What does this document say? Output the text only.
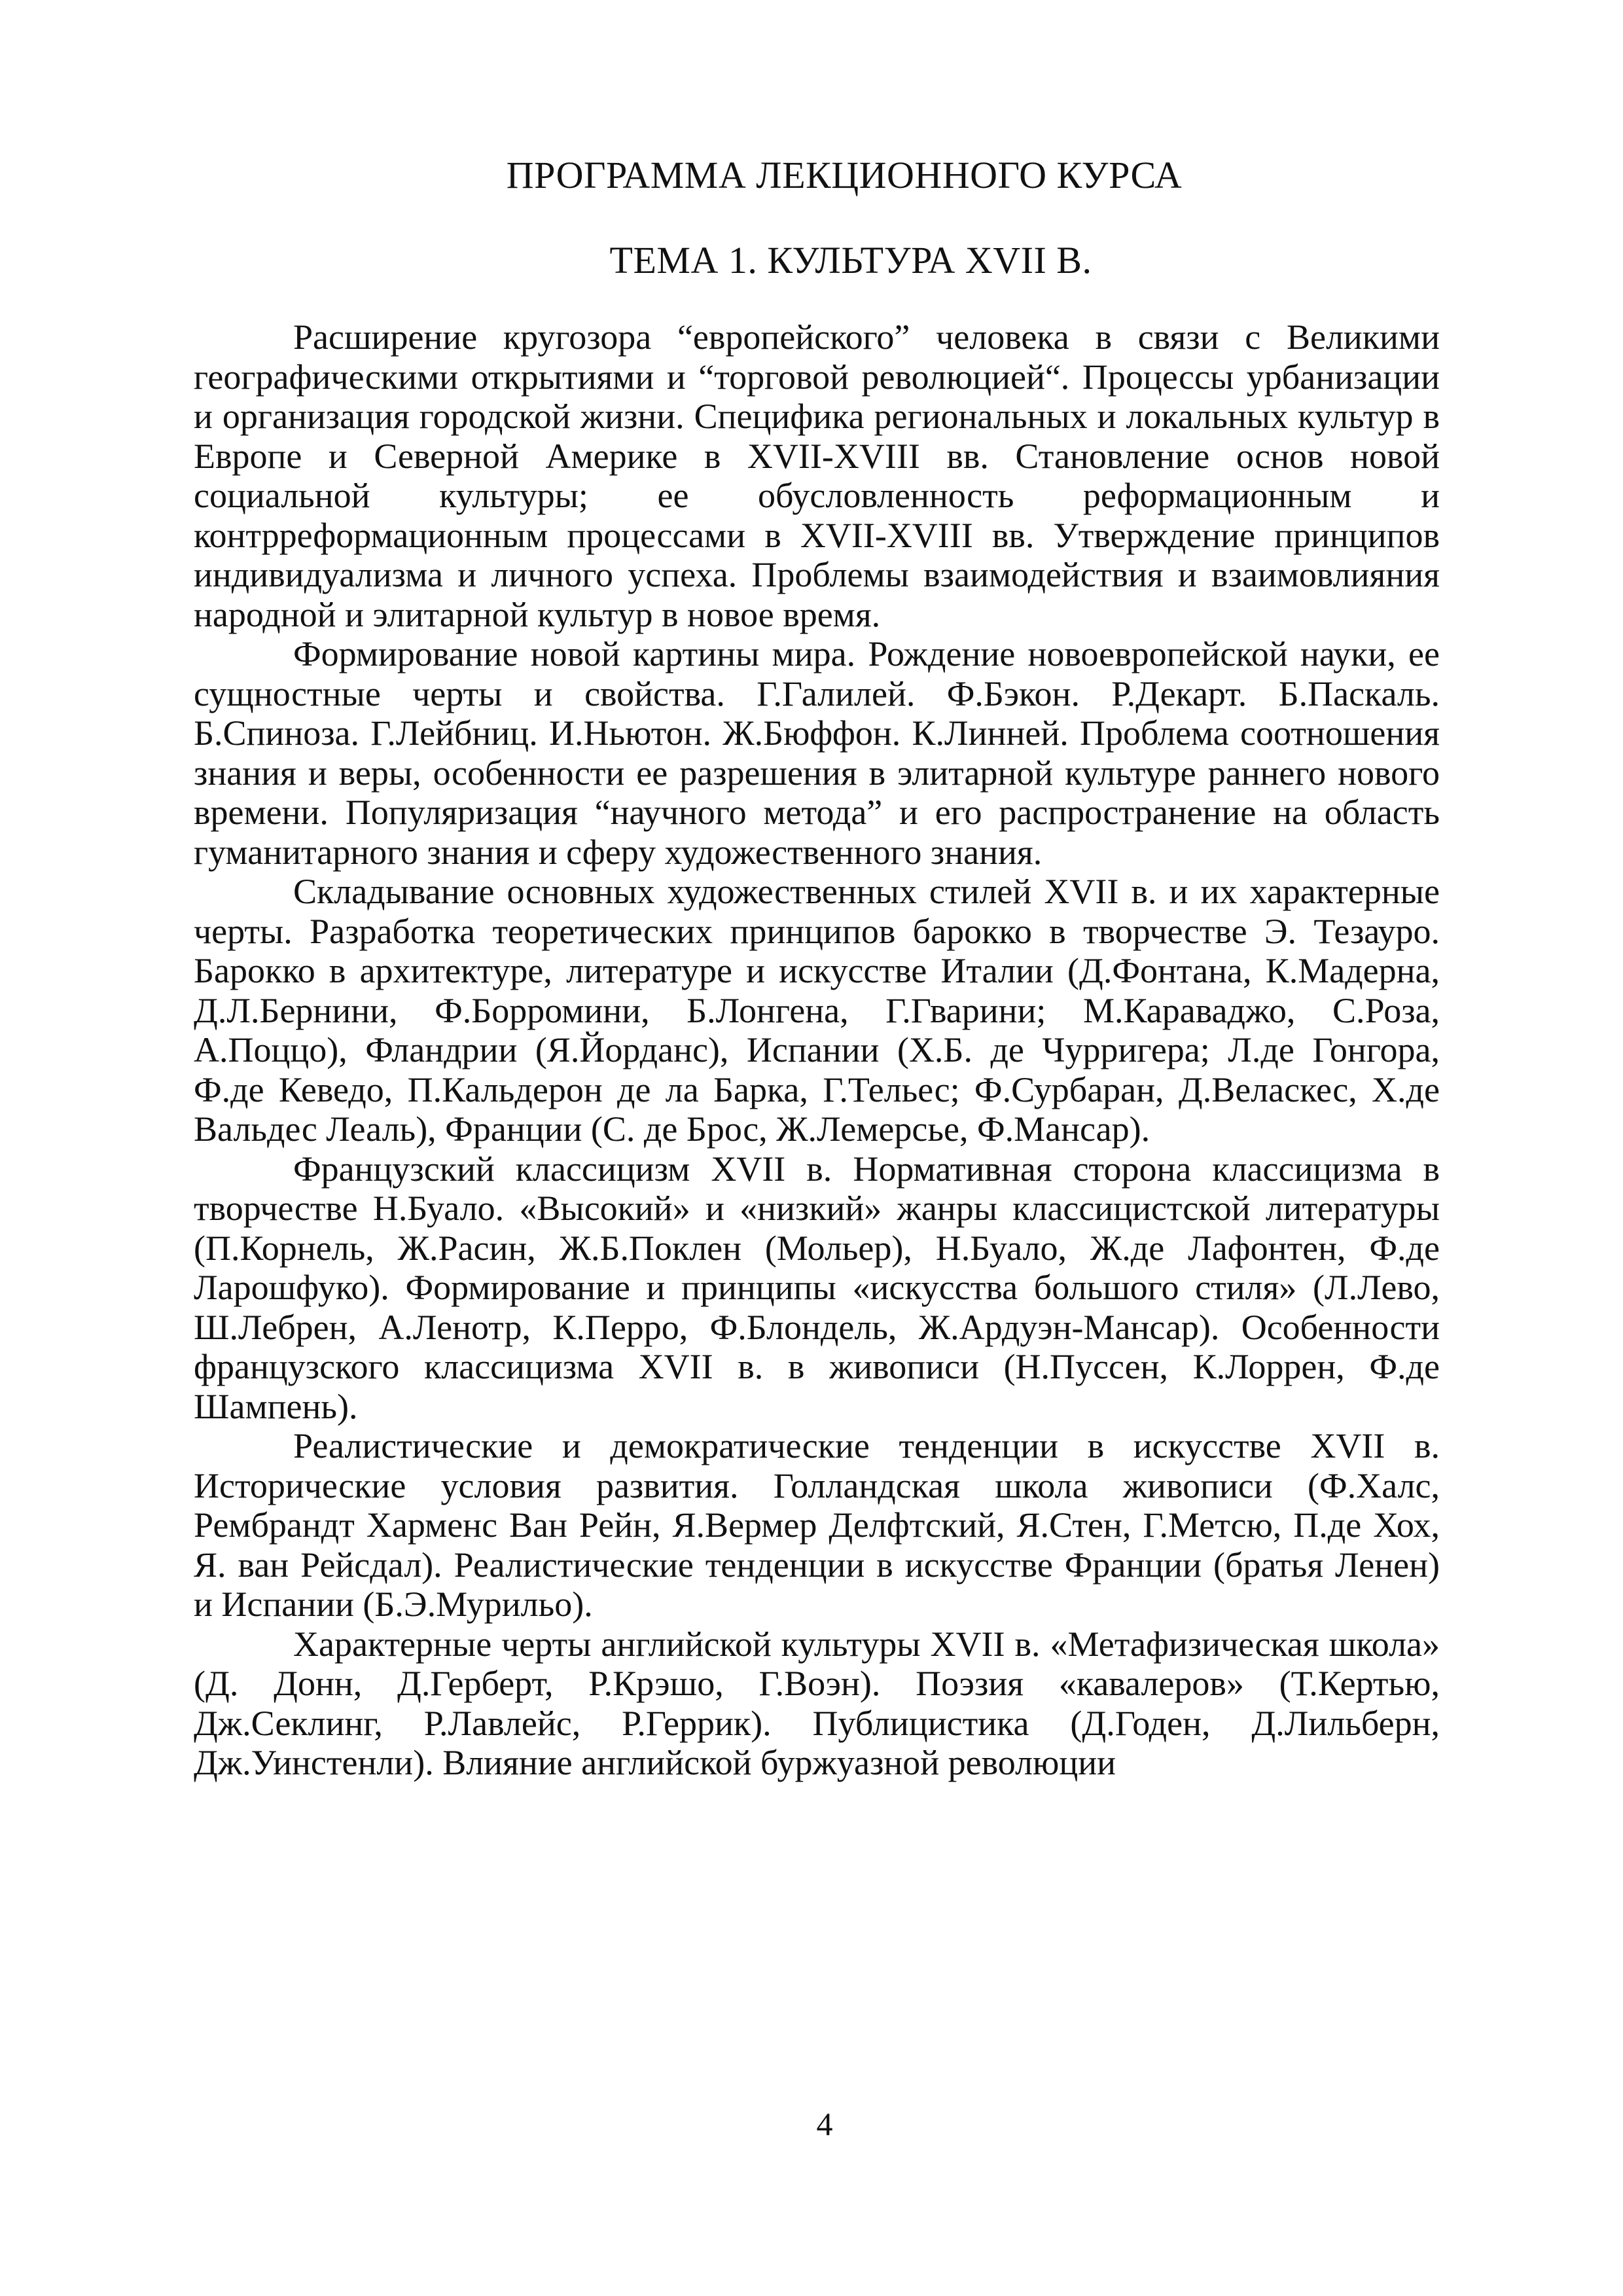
ПРОГРАММА ЛЕКЦИОННОГО КУРСА
ТЕМА 1. КУЛЬТУРА XVII В.

Расширение кругозора “европейского” человека в связи с Великими географическими открытиями и “торговой революцией“. Процессы урбанизации и организация городской жизни. Специфика региональных и локальных культур в Европе и Северной Америке в XVII-XVIII вв. Становление основ новой социальной культуры; ее обусловленность реформационным и контрреформационным процессами в XVII-XVIII вв. Утверждение принципов индивидуализма и личного успеха. Проблемы взаимодействия и взаимовлияния народной и элитарной культур в новое время.

Формирование новой картины мира. Рождение новоевропейской науки, ее сущностные черты и свойства. Г.Галилей. Ф.Бэкон. Р.Декарт. Б.Паскаль. Б.Спиноза. Г.Лейбниц. И.Ньютон. Ж.Бюффон. К.Линней. Проблема соотношения знания и веры, особенности ее разрешения в элитарной культуре раннего нового времени. Популяризация “научного метода” и его распространение на область гуманитарного знания и сферу художественного знания.

Складывание основных художественных стилей XVII в. и их характерные черты. Разработка теоретических принципов барокко в творчестве Э. Тезауро. Барокко в архитектуре, литературе и искусстве Италии (Д.Фонтана, К.Мадерна, Д.Л.Бернини, Ф.Борромини, Б.Лонгена, Г.Гварини; М.Караваджо, С.Роза, А.Поццо), Фландрии (Я.Йорданс), Испании (Х.Б. де Чурригера; Л.де Гонгора, Ф.де Кеведо, П.Кальдерон де ла Барка, Г.Тельес; Ф.Сурбаран, Д.Веласкес, Х.де Вальдес Леаль), Франции (С. де Брос, Ж.Лемерсье, Ф.Мансар).

Французский классицизм XVII в. Нормативная сторона классицизма в творчестве Н.Буало. «Высокий» и «низкий» жанры классицистской литературы (П.Корнель, Ж.Расин, Ж.Б.Поклен (Мольер), Н.Буало, Ж.де Лафонтен, Ф.де Ларошфуко). Формирование и принципы «искусства большого стиля» (Л.Лево, Ш.Лебрен, А.Ленотр, К.Перро, Ф.Блондель, Ж.Ардуэн-Мансар). Особенности французского классицизма XVII в. в живописи (Н.Пуссен, К.Лоррен, Ф.де Шампень).

Реалистические и демократические тенденции в искусстве XVII в. Исторические условия развития. Голландская школа живописи (Ф.Халс, Рембрандт Харменс Ван Рейн, Я.Вермер Делфтский, Я.Стен, Г.Метсю, П.де Хох, Я. ван Рейсдал). Реалистические тенденции в искусстве Франции (братья Ленен) и Испании (Б.Э.Мурильо).

Характерные черты английской культуры XVII в. «Метафизическая школа» (Д. Донн, Д.Герберт, Р.Крэшо, Г.Воэн). Поэзия «кавалеров» (Т.Кертью, Дж.Секлинг, Р.Лавлейс, Р.Геррик). Публицистика (Д.Годен, Д.Лильберн, Дж.Уинстенли). Влияние английской буржуазной революции

4
